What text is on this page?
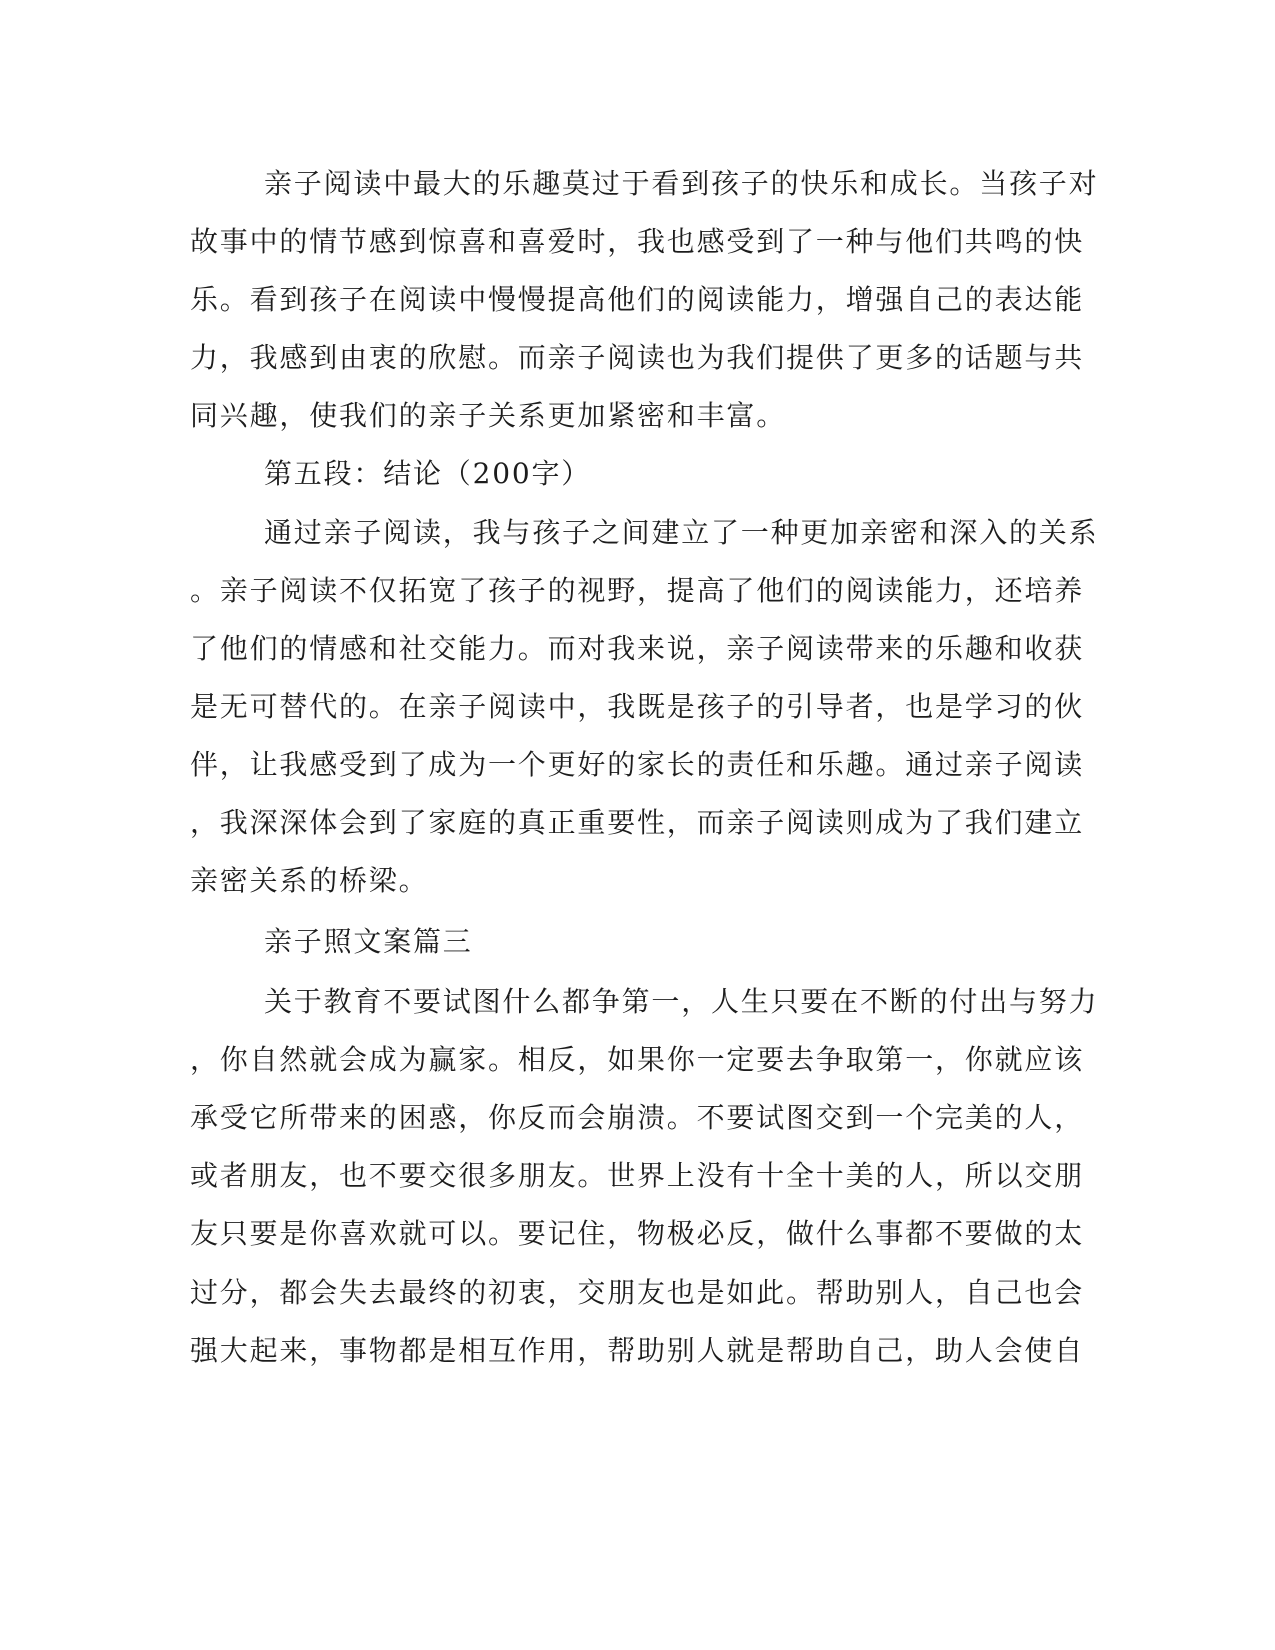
亲子阅读中最大的乐趣莫过于看到孩子的快乐和成长。当孩子对

故事中的情节感到惊喜和喜爱时，我也感受到了一种与他们共鸣的快

乐。看到孩子在阅读中慢慢提高他们的阅读能力，增强自己的表达能

力，我感到由衷的欣慰。而亲子阅读也为我们提供了更多的话题与共

同兴趣，使我们的亲子关系更加紧密和丰富。

第五段：结论（200字）

通过亲子阅读，我与孩子之间建立了一种更加亲密和深入的关系

。亲子阅读不仅拓宽了孩子的视野，提高了他们的阅读能力，还培养

了他们的情感和社交能力。而对我来说，亲子阅读带来的乐趣和收获

是无可替代的。在亲子阅读中，我既是孩子的引导者，也是学习的伙

伴，让我感受到了成为一个更好的家长的责任和乐趣。通过亲子阅读

，我深深体会到了家庭的真正重要性，而亲子阅读则成为了我们建立

亲密关系的桥梁。

亲子照文案篇三

关于教育不要试图什么都争第一，人生只要在不断的付出与努力

，你自然就会成为赢家。相反，如果你一定要去争取第一，你就应该

承受它所带来的困惑，你反而会崩溃。不要试图交到一个完美的人，

或者朋友，也不要交很多朋友。世界上没有十全十美的人，所以交朋

友只要是你喜欢就可以。要记住，物极必反，做什么事都不要做的太

过分，都会失去最终的初衷，交朋友也是如此。帮助别人，自己也会

强大起来，事物都是相互作用，帮助别人就是帮助自己，助人会使自
